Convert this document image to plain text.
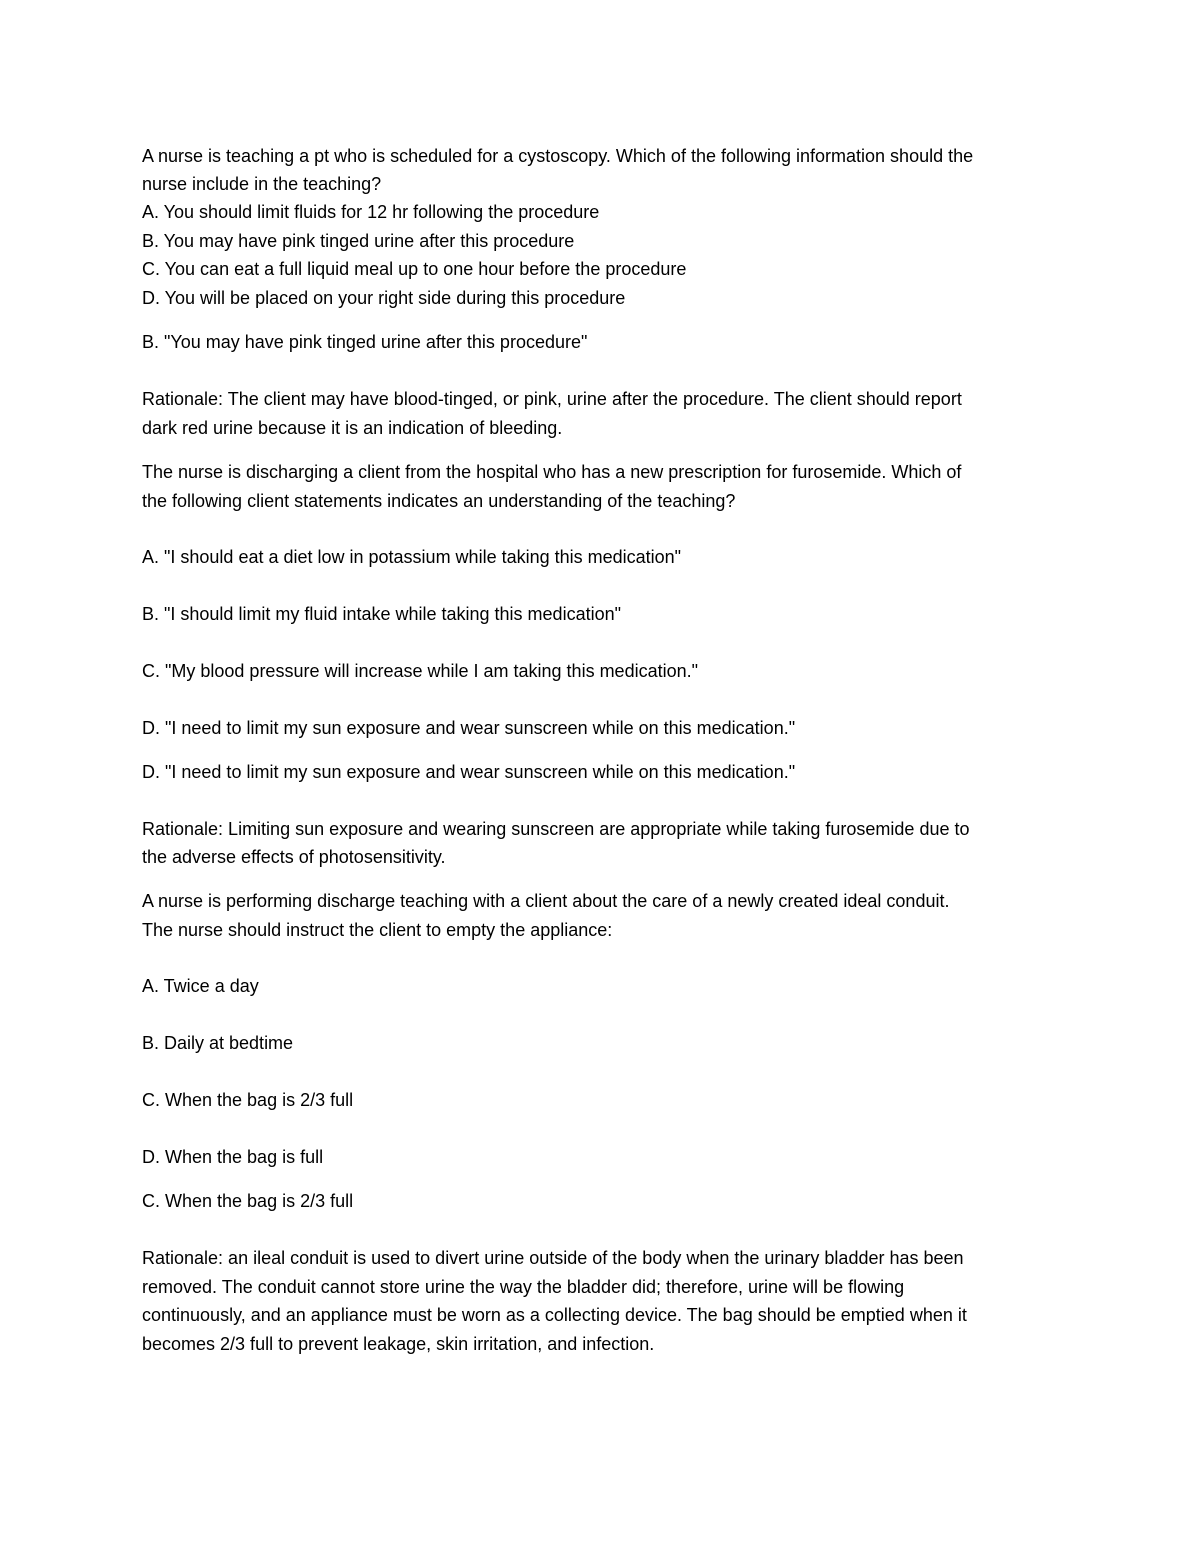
A nurse is teaching a pt who is scheduled for a cystoscopy. Which of the following information should the
nurse include in the teaching?
A. You should limit fluids for 12 hr following the procedure
B. You may have pink tinged urine after this procedure
C. You can eat a full liquid meal up to one hour before the procedure
D. You will be placed on your right side during this procedure
B. "You may have pink tinged urine after this procedure"
Rationale: The client may have blood-tinged, or pink, urine after the procedure. The client should report
dark red urine because it is an indication of bleeding.
The nurse is discharging a client from the hospital who has a new prescription for furosemide. Which of
the following client statements indicates an understanding of the teaching?
A. "I should eat a diet low in potassium while taking this medication"
B. "I should limit my fluid intake while taking this medication"
C. "My blood pressure will increase while I am taking this medication."
D. "I need to limit my sun exposure and wear sunscreen while on this medication."
D. "I need to limit my sun exposure and wear sunscreen while on this medication."
Rationale: Limiting sun exposure and wearing sunscreen are appropriate while taking furosemide due to
the adverse effects of photosensitivity.
A nurse is performing discharge teaching with a client about the care of a newly created ideal conduit.
The nurse should instruct the client to empty the appliance:
A. Twice a day
B. Daily at bedtime
C. When the bag is 2/3 full
D. When the bag is full
C. When the bag is 2/3 full
Rationale: an ileal conduit is used to divert urine outside of the body when the urinary bladder has been
removed. The conduit cannot store urine the way the bladder did; therefore, urine will be flowing
continuously, and an appliance must be worn as a collecting device. The bag should be emptied when it
becomes 2/3 full to prevent leakage, skin irritation, and infection.
